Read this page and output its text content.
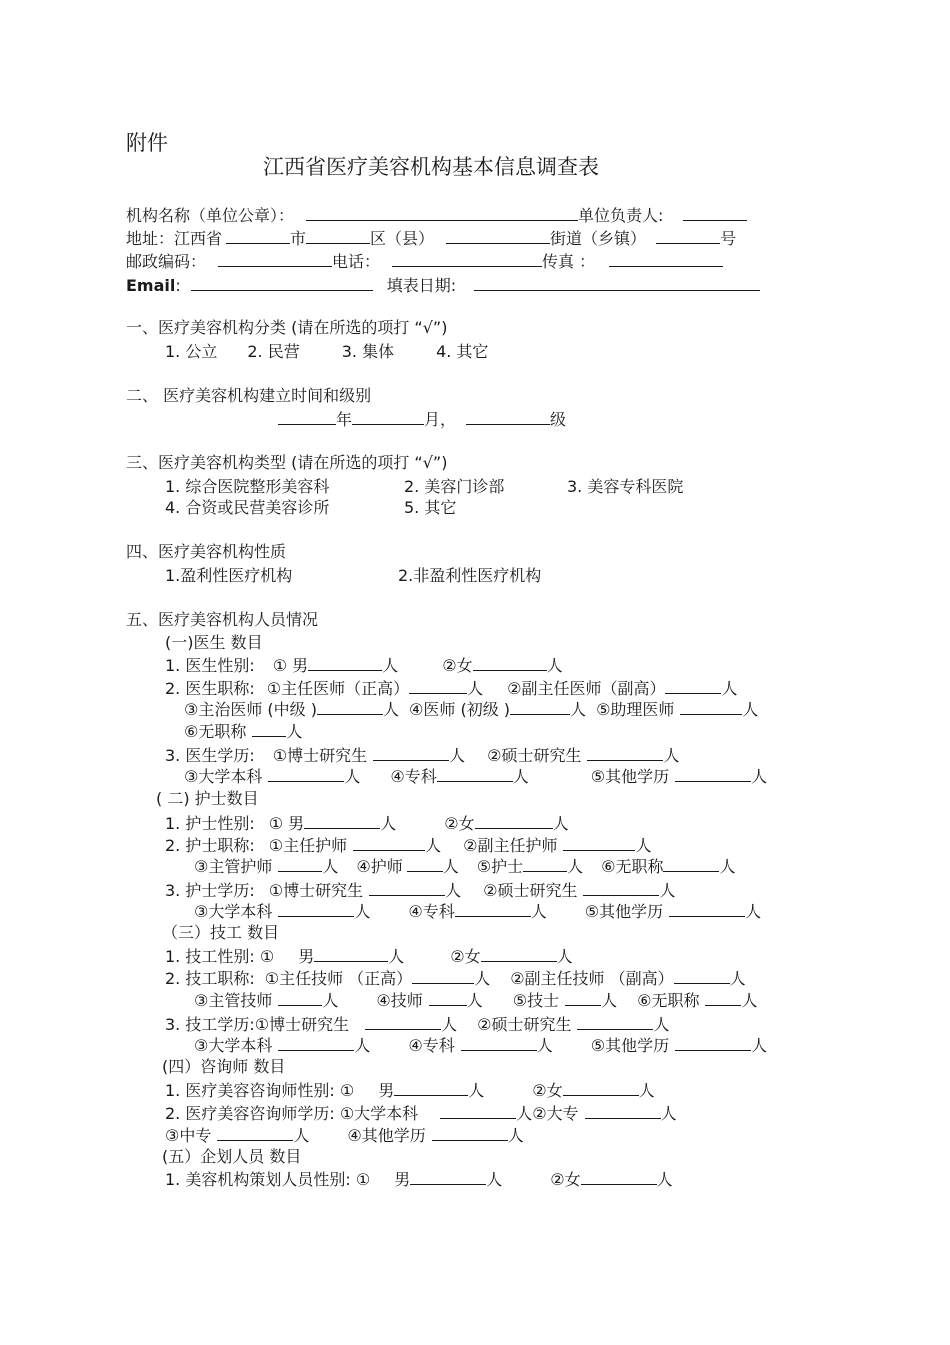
附件
江西省医疗美容机构基本信息调查表
机构名称（单位公章）：	单位负责人:
地址：江西省	市	区（县）	街道（乡镇）	号
邮政编码：	电话：	传真 ：
Email:	填表日期:
一、医疗美容机构分类 (请在所选的项打 “√”)
1. 公立 2. 民营	3. 集体	4. 其它
二、 医疗美容机构建立时间和级别
年	月，	级
三、医疗美容机构类型 (请在所选的项打 “√”)
1. 综合医院整形美容科	2. 美容门诊部	3. 美容专科医院
4. 合资或民营美容诊所	5. 其它
四、医疗美容机构性质
1.盈利性医疗机构	2.非盈利性医疗机构
五、医疗美容机构人员情况
(一)医生 数目
1. 医生性别: ① 男	人	②女	人
2. 医生职称: ①主任医师（正高）	人 ②副主任医师（副高）	人
③主治医师 (中级 )	人 ④医师 (初级 )	人 ⑤助理医师	人
⑥无职称	人
3. 医生学历: ①博士研究生	人 ②硕士研究生	人
③大学本科	人 ④专科	人	⑤其他学历	人
( 二) 护士数目
1. 护士性别: ① 男	人	②女	人
2. 护士职称: ①主任护师	人 ②副主任护师	人
③主管护师	人 ④护师	人 ⑤护士	人 ⑥无职称	人
3. 护士学历: ①博士研究生	人 ②硕士研究生	人
③大学本科	人 ④专科	人 ⑤其他学历	人
（三）技工 数目
1. 技工性别: ① 男	人	②女	人
2. 技工职称: ①主任技师 （正高）	人 ②副主任技师 （副高）	人
③主管技师	人 ④技师	人 ⑤技士	人 ⑥无职称	人
3. 技工学历:①博士研究生	人 ②硕士研究生	人
③大学本科	人 ④专科	人 ⑤其他学历	人
(四）咨询师 数目
1. 医疗美容咨询师性别: ① 男	人	②女	人
2. 医疗美容咨询师学历: ①大学本科	人②大专	人
③中专	人 ④其他学历	人
(五）企划人员 数目
1. 美容机构策划人员性别: ① 男	人	②女	人
